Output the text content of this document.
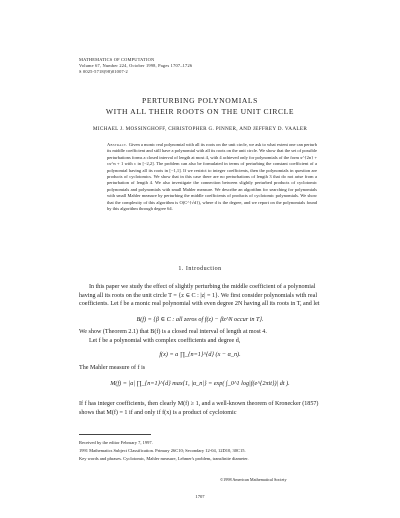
MATHEMATICS OF COMPUTATION
Volume 67, Number 224, October 1998, Pages 1707–1726
S 0025-5718(98)01007-2
PERTURBING POLYNOMIALS
WITH ALL THEIR ROOTS ON THE UNIT CIRCLE
MICHAEL J. MOSSINGHOFF, CHRISTOPHER G. PINNER, AND JEFFREY D. VAALER
Abstract. Given a monic real polynomial with all its roots on the unit circle, we ask to what extent one can perturb its middle coefficient and still have a polynomial with all its roots on the unit circle. We show that the set of possible perturbations forms a closed interval of length at most 4, with 4 achieved only for polynomials of the form x^{2n} + cx^n + 1 with c in [−2,2]. The problem can also be formulated in terms of perturbing the constant coefficient of a polynomial having all its roots in [−1,1]. If we restrict to integer coefficients, then the polynomials in question are products of cyclotomics. We show that in this case there are no perturbations of length 3 that do not arise from a perturbation of length 4. We also investigate the connection between slightly perturbed products of cyclotomic polynomials and polynomials with small Mahler measure. We describe an algorithm for searching for polynomials with small Mahler measure by perturbing the middle coefficients of products of cyclotomic polynomials. We show that the complexity of this algorithm is O(C^{√d}), where d is the degree, and we report on the polynomials found by this algorithm through degree 64.
1. Introduction
In this paper we study the effect of slightly perturbing the middle coefficient of a polynomial having all its roots on the unit circle T = {z ∈ C : |z| = 1}. We first consider polynomials with real coefficients. Let f be a monic real polynomial with even degree 2N having all its roots in T, and let
B(f) = {β ∈ C : all zeros of f(z) − βz^N occur in T}.
We show (Theorem 2.1) that B(f) is a closed real interval of length at most 4.
Let f be a polynomial with complex coefficients and degree d,
f(x) = a ∏_{n=1}^{d} (x − α_n).
The Mahler measure of f is
M(f) = |a| ∏_{n=1}^{d} max{1, |α_n|} = exp( ∫_0^1 log|f(e^{2πit})| dt ).
If f has integer coefficients, then clearly M(f) ≥ 1, and a well-known theorem of Kronecker (1857) shows that M(f) = 1 if and only if f(x) is a product of cyclotomic
Received by the editor February 7, 1997.
1991 Mathematics Subject Classification. Primary 26C10; Secondary 12-04, 12D10, 30C15.
Key words and phrases. Cyclotomic, Mahler measure, Lehmer's problem, transfinite diameter.
©1998 American Mathematical Society
1707
